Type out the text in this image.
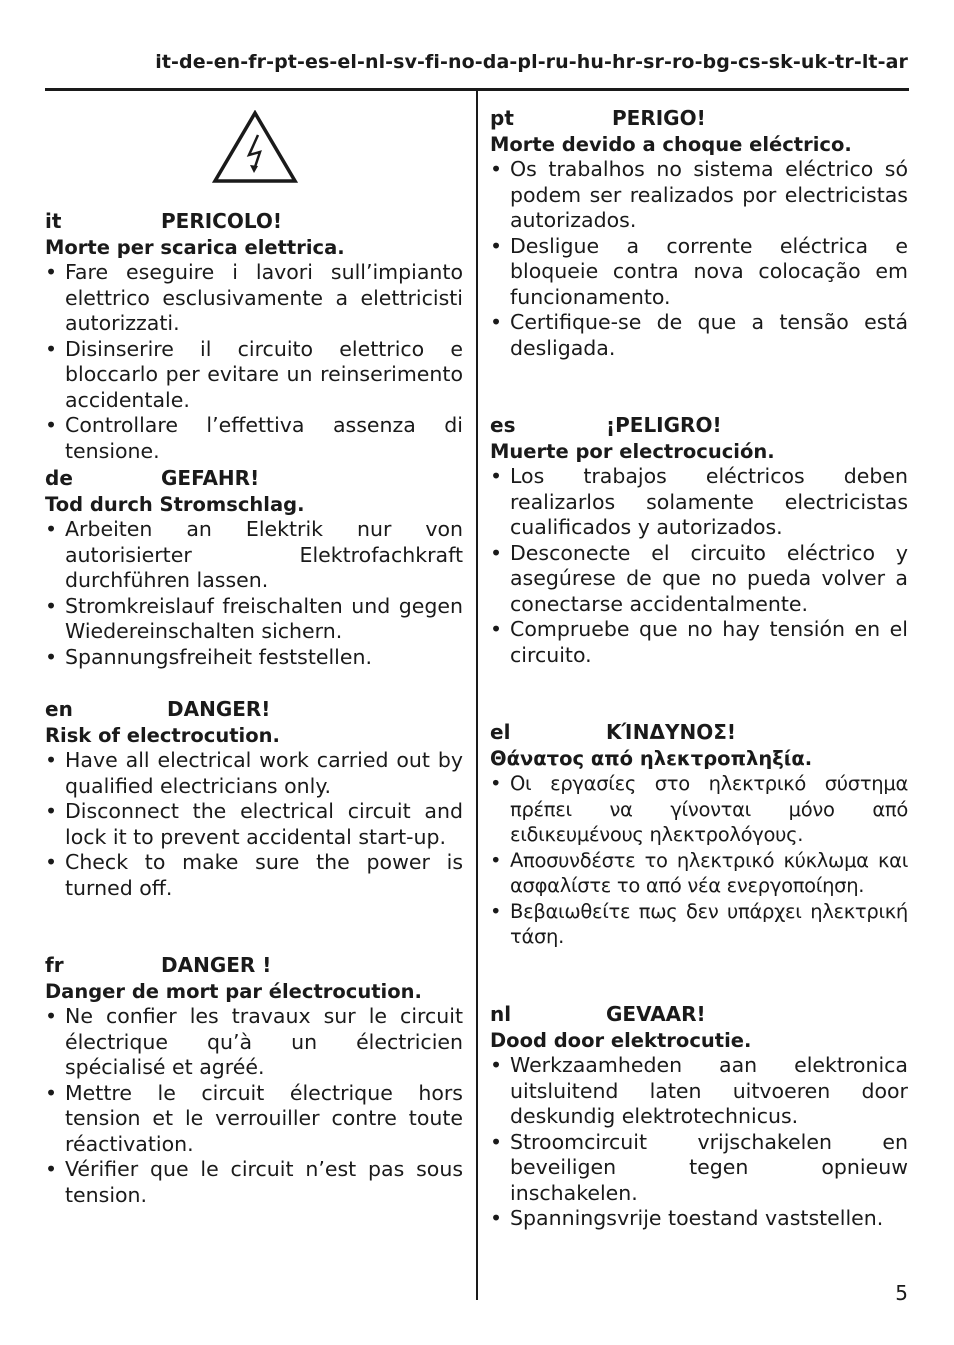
it-de-en-fr-pt-es-el-nl-sv-fi-no-da-pl-ru-hu-hr-sr-ro-bg-cs-sk-uk-tr-lt-ar
it	PERICOLO!
Morte per scarica elettrica.
• Fare eseguire i lavori sull’impianto elettrico esclusivamente a elettricisti autorizzati.
• Disinserire il circuito elettrico e bloccarlo per evitare un reinserimento accidentale.
• Controllare l’effettiva assenza di tensione.
de	GEFAHR!
Tod durch Stromschlag.
• Arbeiten an Elektrik nur von autorisierter Elektrofachkraft durchführen lassen.
• Stromkreislauf freischalten und gegen Wiedereinschalten sichern.
• Spannungsfreiheit feststellen.
en	DANGER!
Risk of electrocution.
• Have all electrical work carried out by qualified electricians only.
• Disconnect the electrical circuit and lock it to prevent accidental start-up.
• Check to make sure the power is turned off.
fr	DANGER !
Danger de mort par électrocution.
• Ne confier les travaux sur le circuit électrique qu’à un électricien spécialisé et agréé.
• Mettre le circuit électrique hors tension et le verrouiller contre toute réactivation.
• Vérifier que le circuit n’est pas sous tension.
pt	PERIGO!
Morte devido a choque eléctrico.
• Os trabalhos no sistema eléctrico só podem ser realizados por electricistas autorizados.
• Desligue a corrente eléctrica e bloqueie contra nova colocação em funcionamento.
• Certifique-se de que a tensão está desligada.
es	¡PELIGRO!
Muerte por electrocución.
• Los trabajos eléctricos deben realizarlos solamente electricistas cualificados y autorizados.
• Desconecte el circuito eléctrico y asegúrese de que no pueda volver a conectarse accidentalmente.
• Compruebe que no hay tensión en el circuito.
el	ΚΊΝΔΥΝΟΣ!
Θάνατος από ηλεκτροπληξία.
• Οι εργασίες στο ηλεκτρικό σύστημα πρέπει να γίνονται μόνο από ειδικευμένους ηλεκτρολόγους.
• Αποσυνδέστε το ηλεκτρικό κύκλωμα και ασφαλίστε το από νέα ενεργοποίηση.
• Βεβαιωθείτε πως δεν υπάρχει ηλεκτρική τάση.
nl	GEVAAR!
Dood door elektrocutie.
• Werkzaamheden aan elektronica uitsluitend laten uitvoeren door deskundig elektrotechnicus.
• Stroomcircuit vrijschakelen en beveiligen tegen opnieuw inschakelen.
• Spanningsvrije toestand vaststellen.
5
